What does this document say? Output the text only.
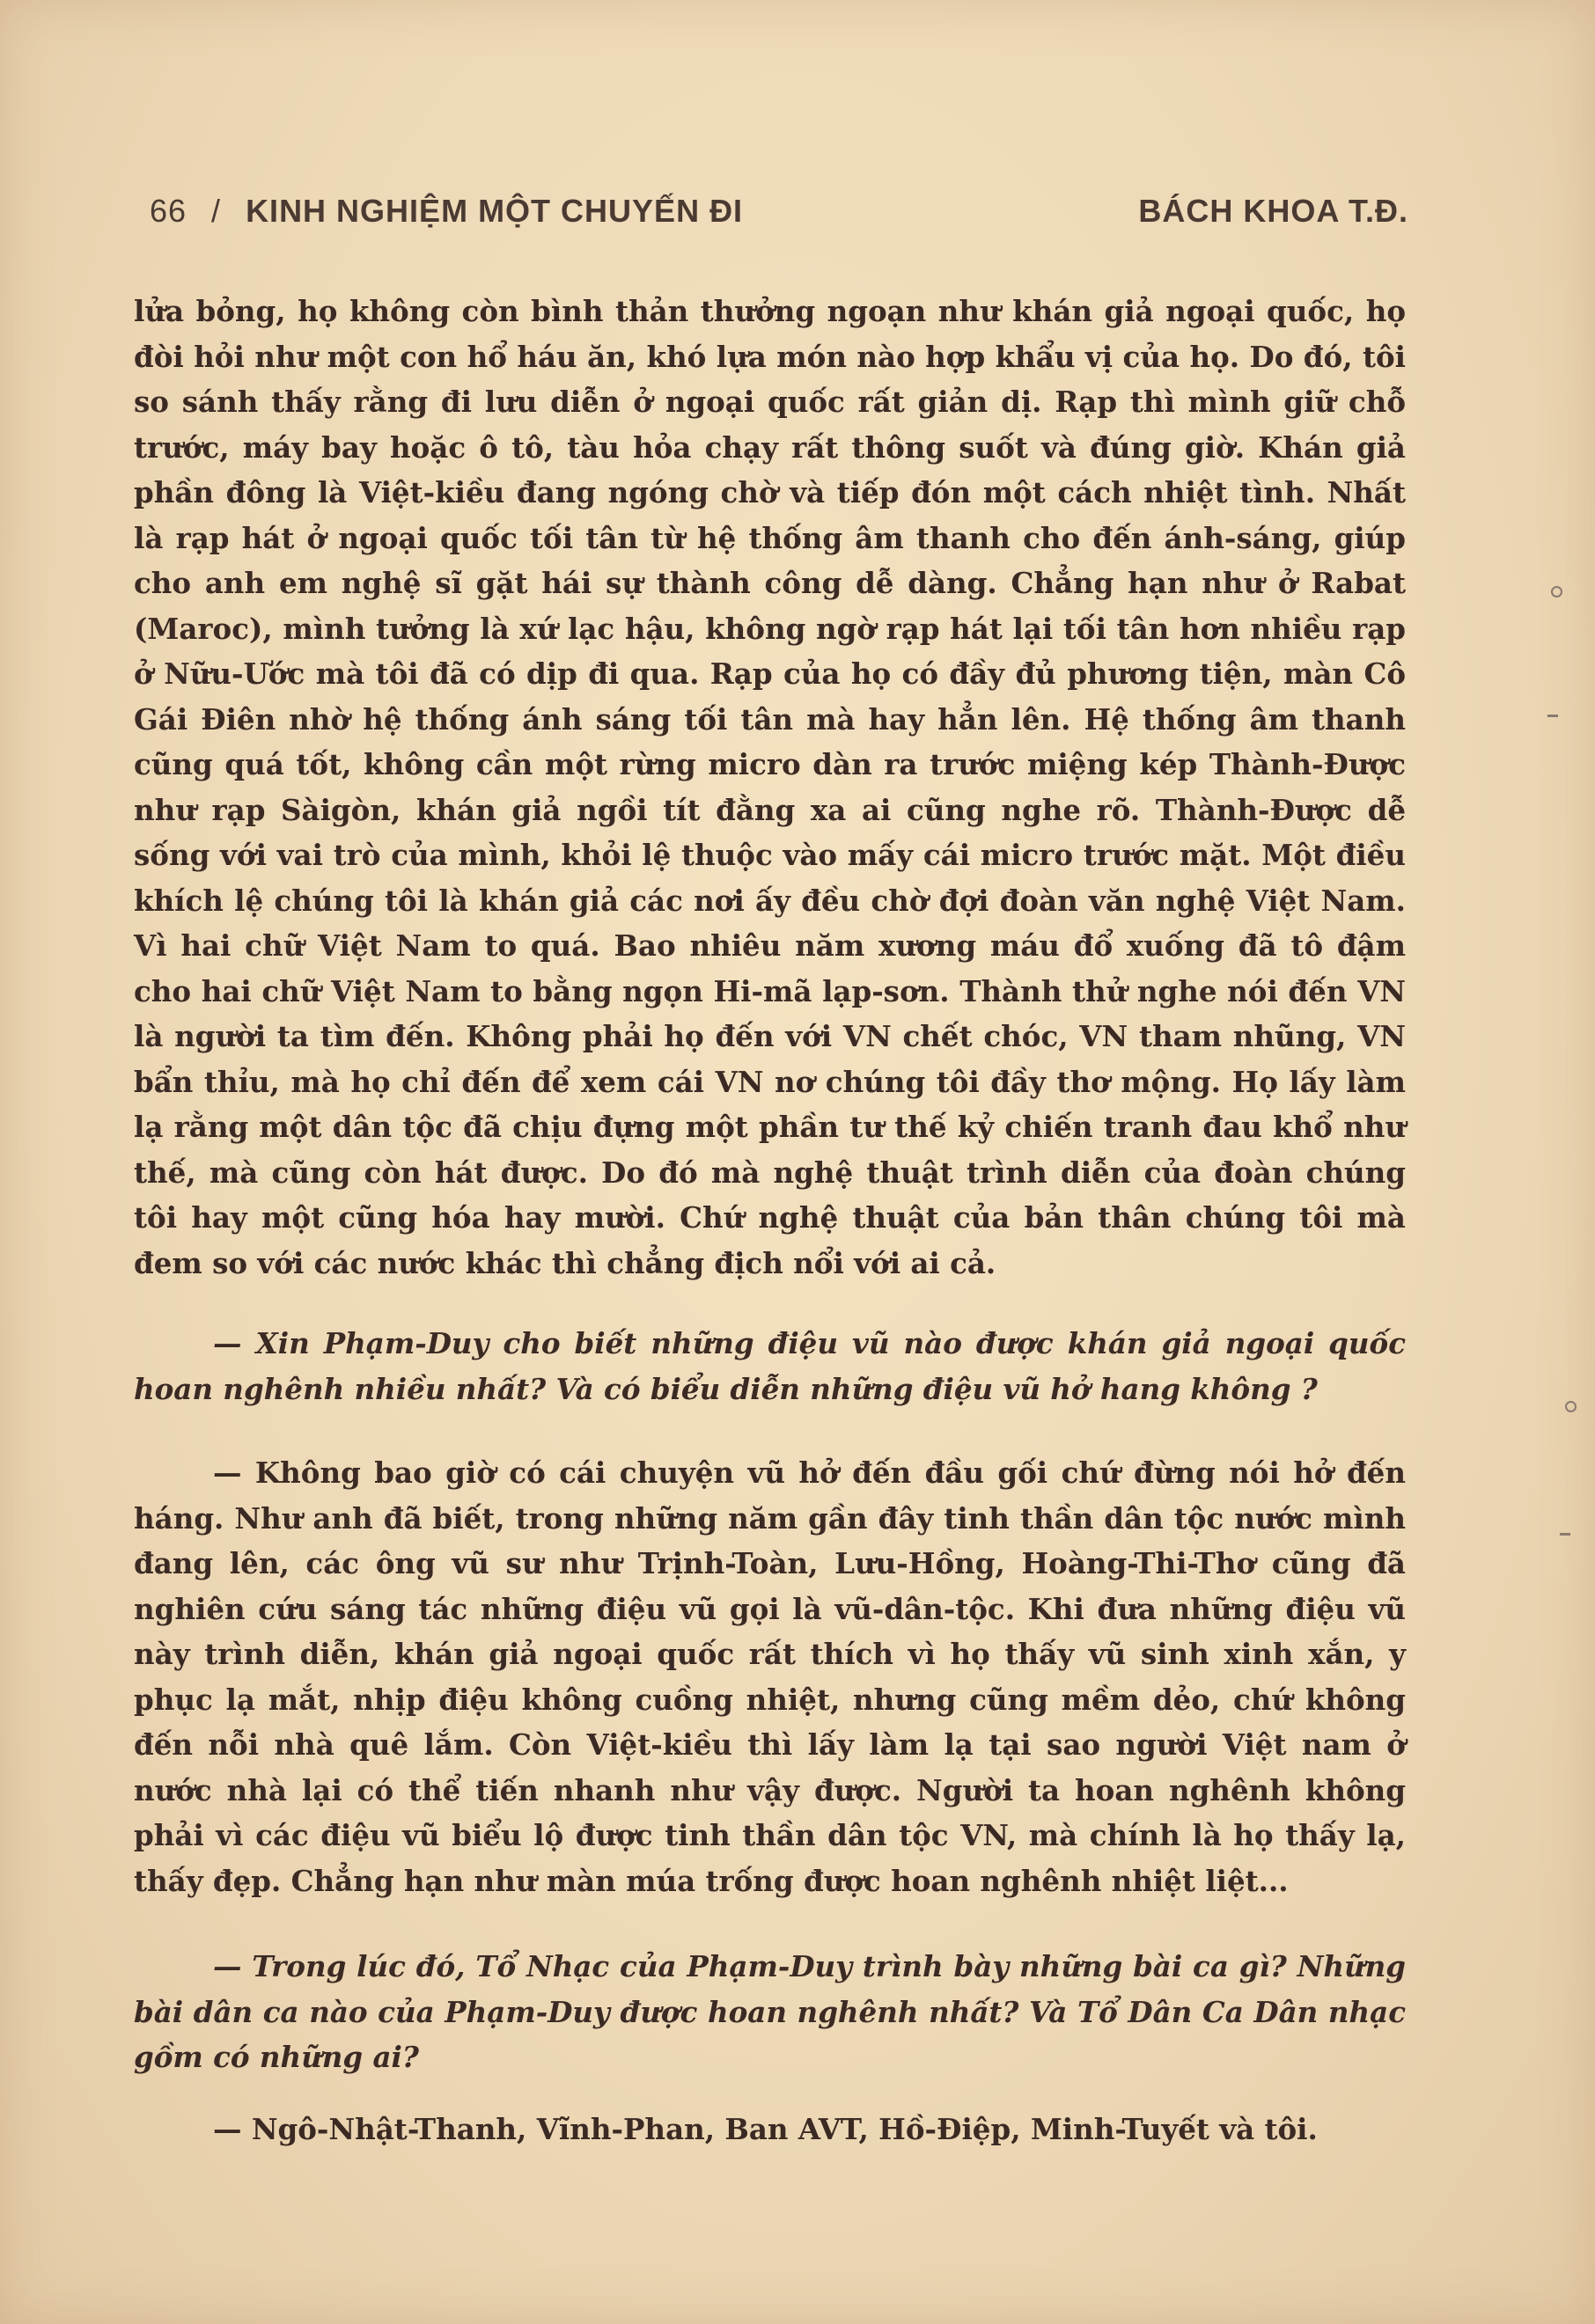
66 / KINH NGHIỆM MỘT CHUYẾN ĐI	BÁCH KHOA T.Đ.

lửa bỏng, họ không còn bình thản thưởng ngoạn như khán giả ngoại quốc, họ đòi hỏi như một con hổ háu ăn, khó lựa món nào hợp khẩu vị của họ. Do đó, tôi so sánh thấy rằng đi lưu diễn ở ngoại quốc rất giản dị. Rạp thì mình giữ chỗ trước, máy bay hoặc ô tô, tàu hỏa chạy rất thông suốt và đúng giờ. Khán giả phần đông là Việt-kiều đang ngóng chờ và tiếp đón một cách nhiệt tình. Nhất là rạp hát ở ngoại quốc tối tân từ hệ thống âm thanh cho đến ánh-sáng, giúp cho anh em nghệ sĩ gặt hái sự thành công dễ dàng. Chẳng hạn như ở Rabat (Maroc), mình tưởng là xứ lạc hậu, không ngờ rạp hát lại tối tân hơn nhiều rạp ở Nữu-Ước mà tôi đã có dịp đi qua. Rạp của họ có đầy đủ phương tiện, màn Cô Gái Điên nhờ hệ thống ánh sáng tối tân mà hay hẳn lên. Hệ thống âm thanh cũng quá tốt, không cần một rừng micro dàn ra trước miệng kép Thành-Được như rạp Sàigòn, khán giả ngồi tít đằng xa ai cũng nghe rõ. Thành-Được dễ sống với vai trò của mình, khỏi lệ thuộc vào mấy cái micro trước mặt. Một điều khích lệ chúng tôi là khán giả các nơi ấy đều chờ đợi đoàn văn nghệ Việt Nam. Vì hai chữ Việt Nam to quá. Bao nhiêu năm xương máu đổ xuống đã tô đậm cho hai chữ Việt Nam to bằng ngọn Hi-mã lạp-sơn. Thành thử nghe nói đến VN là người ta tìm đến. Không phải họ đến với VN chết chóc, VN tham nhũng, VN bẩn thỉu, mà họ chỉ đến để xem cái VN nơ chúng tôi đầy thơ mộng. Họ lấy làm lạ rằng một dân tộc đã chịu đựng một phần tư thế kỷ chiến tranh đau khổ như thế, mà cũng còn hát được. Do đó mà nghệ thuật trình diễn của đoàn chúng tôi hay một cũng hóa hay mười. Chứ nghệ thuật của bản thân chúng tôi mà đem so với các nước khác thì chẳng địch nổi với ai cả.

— Xin Phạm-Duy cho biết những điệu vũ nào được khán giả ngoại quốc hoan nghênh nhiều nhất? Và có biểu diễn những điệu vũ hở hang không ?

— Không bao giờ có cái chuyện vũ hở đến đầu gối chứ đừng nói hở đến háng. Như anh đã biết, trong những năm gần đây tinh thần dân tộc nước mình đang lên, các ông vũ sư như Trịnh-Toàn, Lưu-Hồng, Hoàng-Thi-Thơ cũng đã nghiên cứu sáng tác những điệu vũ gọi là vũ-dân-tộc. Khi đưa những điệu vũ này trình diễn, khán giả ngoại quốc rất thích vì họ thấy vũ sinh xinh xắn, y phục lạ mắt, nhịp điệu không cuồng nhiệt, nhưng cũng mềm dẻo, chứ không đến nỗi nhà quê lắm. Còn Việt-kiều thì lấy làm lạ tại sao người Việt nam ở nước nhà lại có thể tiến nhanh như vậy được. Người ta hoan nghênh không phải vì các điệu vũ biểu lộ được tinh thần dân tộc VN, mà chính là họ thấy lạ, thấy đẹp. Chẳng hạn như màn múa trống được hoan nghênh nhiệt liệt...

— Trong lúc đó, Tổ Nhạc của Phạm-Duy trình bày những bài ca gì? Những bài dân ca nào của Phạm-Duy được hoan nghênh nhất? Và Tổ Dân Ca Dân nhạc gồm có những ai?

— Ngô-Nhật-Thanh, Vĩnh-Phan, Ban AVT, Hồ-Điệp, Minh-Tuyết và tôi.
